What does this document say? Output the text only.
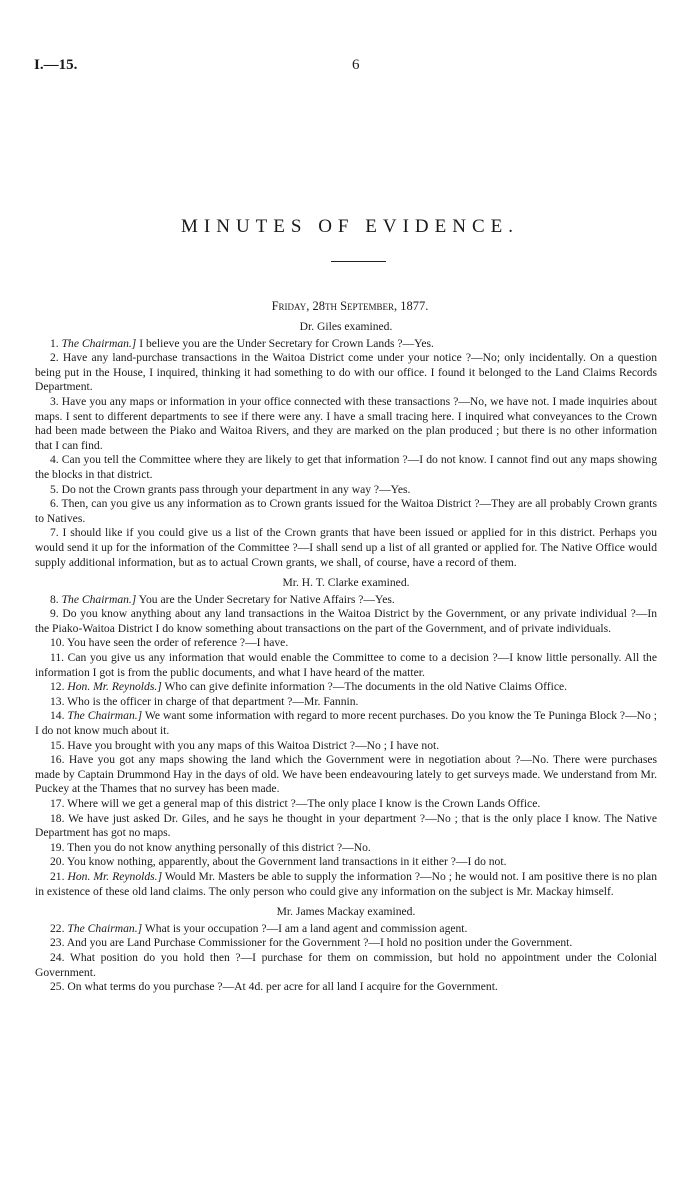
I.—15.	6
MINUTES OF EVIDENCE.
Friday, 28th September, 1877.
Dr. Giles examined.

1. The Chairman.] I believe you are the Under Secretary for Crown Lands ?—Yes.

2. Have any land-purchase transactions in the Waitoa District come under your notice ?—No; only incidentally. On a question being put in the House, I inquired, thinking it had something to do with our office. I found it belonged to the Land Claims Records Department.

3. Have you any maps or information in your office connected with these transactions ?—No, we have not. I made inquiries about maps. I sent to different departments to see if there were any. I have a small tracing here. I inquired what conveyances to the Crown had been made between the Piako and Waitoa Rivers, and they are marked on the plan produced ; but there is no other information that I can find.

4. Can you tell the Committee where they are likely to get that information ?—I do not know. I cannot find out any maps showing the blocks in that district.

5. Do not the Crown grants pass through your department in any way ?—Yes.

6. Then, can you give us any information as to Crown grants issued for the Waitoa District ?—They are all probably Crown grants to Natives.

7. I should like if you could give us a list of the Crown grants that have been issued or applied for in this district. Perhaps you would send it up for the information of the Committee ?—I shall send up a list of all granted or applied for. The Native Office would supply additional information, but as to actual Crown grants, we shall, of course, have a record of them.

Mr. H. T. Clarke examined.

8. The Chairman.] You are the Under Secretary for Native Affairs ?—Yes.

9. Do you know anything about any land transactions in the Waitoa District by the Government, or any private individual ?—In the Piako-Waitoa District I do know something about transactions on the part of the Government, and of private individuals.

10. You have seen the order of reference ?—I have.

11. Can you give us any information that would enable the Committee to come to a decision ?—I know little personally. All the information I got is from the public documents, and what I have heard of the matter.

12. Hon. Mr. Reynolds.] Who can give definite information ?—The documents in the old Native Claims Office.

13. Who is the officer in charge of that department ?—Mr. Fannin.

14. The Chairman.] We want some information with regard to more recent purchases. Do you know the Te Puninga Block ?—No ; I do not know much about it.

15. Have you brought with you any maps of this Waitoa District ?—No ; I have not.

16. Have you got any maps showing the land which the Government were in negotiation about ?—No. There were purchases made by Captain Drummond Hay in the days of old. We have been endeavouring lately to get surveys made. We understand from Mr. Puckey at the Thames that no survey has been made.

17. Where will we get a general map of this district ?—The only place I know is the Crown Lands Office.

18. We have just asked Dr. Giles, and he says he thought in your department ?—No ; that is the only place I know. The Native Department has got no maps.

19. Then you do not know anything personally of this district ?—No.

20. You know nothing, apparently, about the Government land transactions in it either ?—I do not.

21. Hon. Mr. Reynolds.] Would Mr. Masters be able to supply the information ?—No ; he would not. I am positive there is no plan in existence of these old land claims. The only person who could give any information on the subject is Mr. Mackay himself.

Mr. James Mackay examined.

22. The Chairman.] What is your occupation ?—I am a land agent and commission agent.

23. And you are Land Purchase Commissioner for the Government ?—I hold no position under the Government.

24. What position do you hold then ?—I purchase for them on commission, but hold no appointment under the Colonial Government.

25. On what terms do you purchase ?—At 4d. per acre for all land I acquire for the Government.
